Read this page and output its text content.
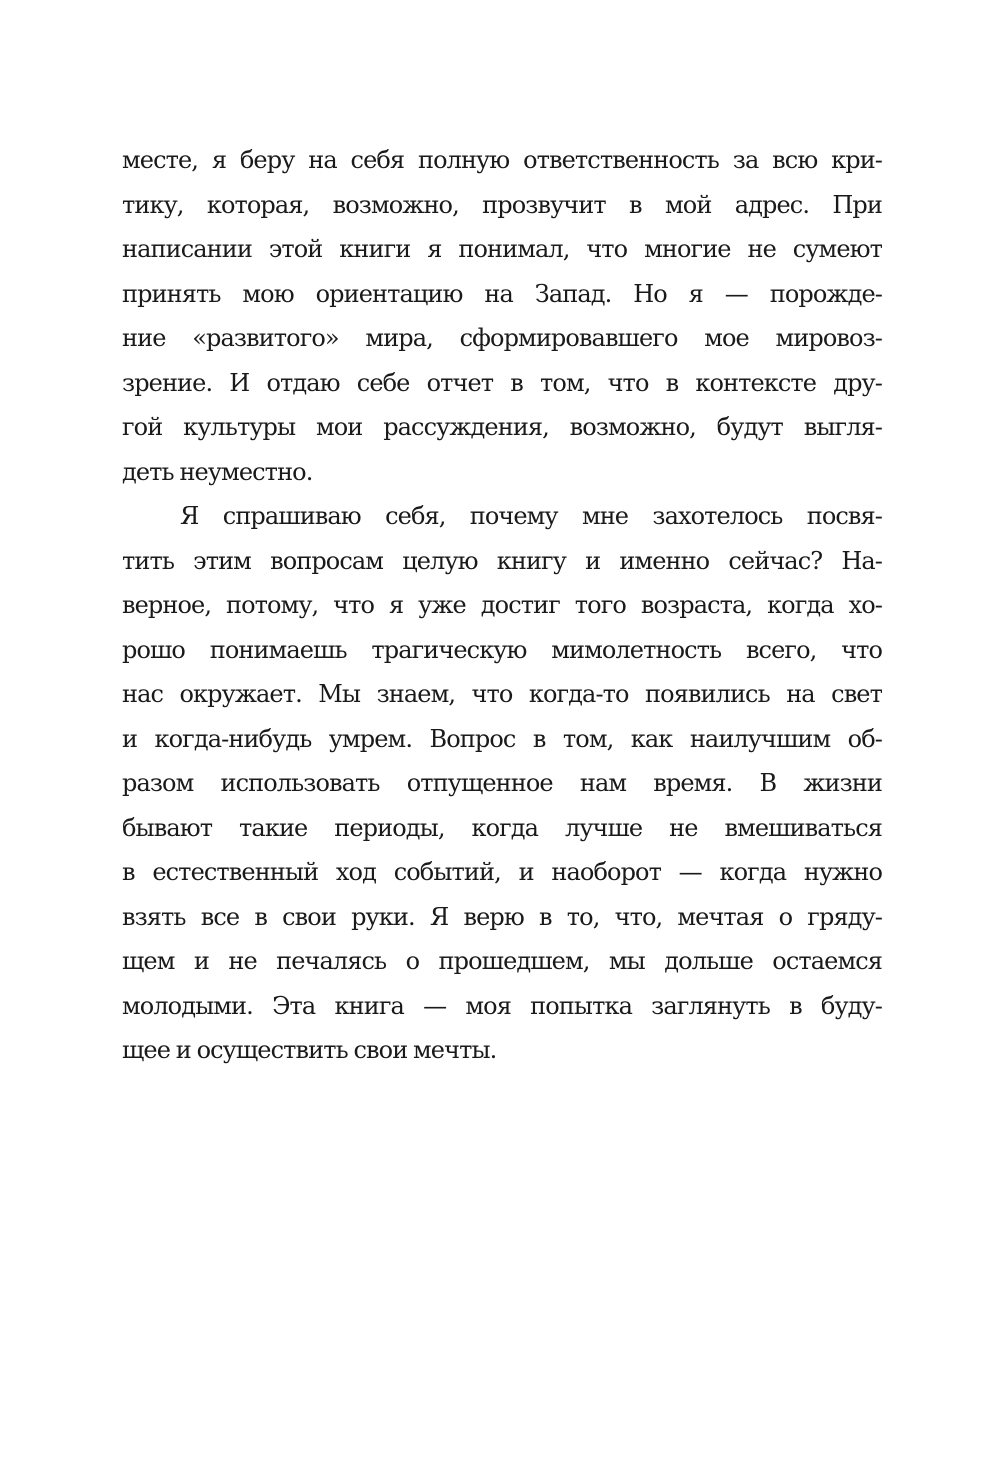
месте, я беру на себя полную ответственность за всю кри-
тику, которая, возможно, прозвучит в мой адрес. При
написании этой книги я понимал, что многие не сумеют
принять мою ориентацию на Запад. Но я — порожде-
ние «развитого» мира, сформировавшего мое мировоз-
зрение. И отдаю себе отчет в том, что в контексте дру-
гой культуры мои рассуждения, возможно, будут выгля-
деть неуместно.
Я спрашиваю себя, почему мне захотелось посвя-
тить этим вопросам целую книгу и именно сейчас? На-
верное, потому, что я уже достиг того возраста, когда хо-
рошо понимаешь трагическую мимолетность всего, что
нас окружает. Мы знаем, что когда-то появились на свет
и когда-нибудь умрем. Вопрос в том, как наилучшим об-
разом использовать отпущенное нам время. В жизни
бывают такие периоды, когда лучше не вмешиваться
в естественный ход событий, и наоборот — когда нужно
взять все в свои руки. Я верю в то, что, мечтая о гряду-
щем и не печалясь о прошедшем, мы дольше остаемся
молодыми. Эта книга — моя попытка заглянуть в буду-
щее и осуществить свои мечты.
